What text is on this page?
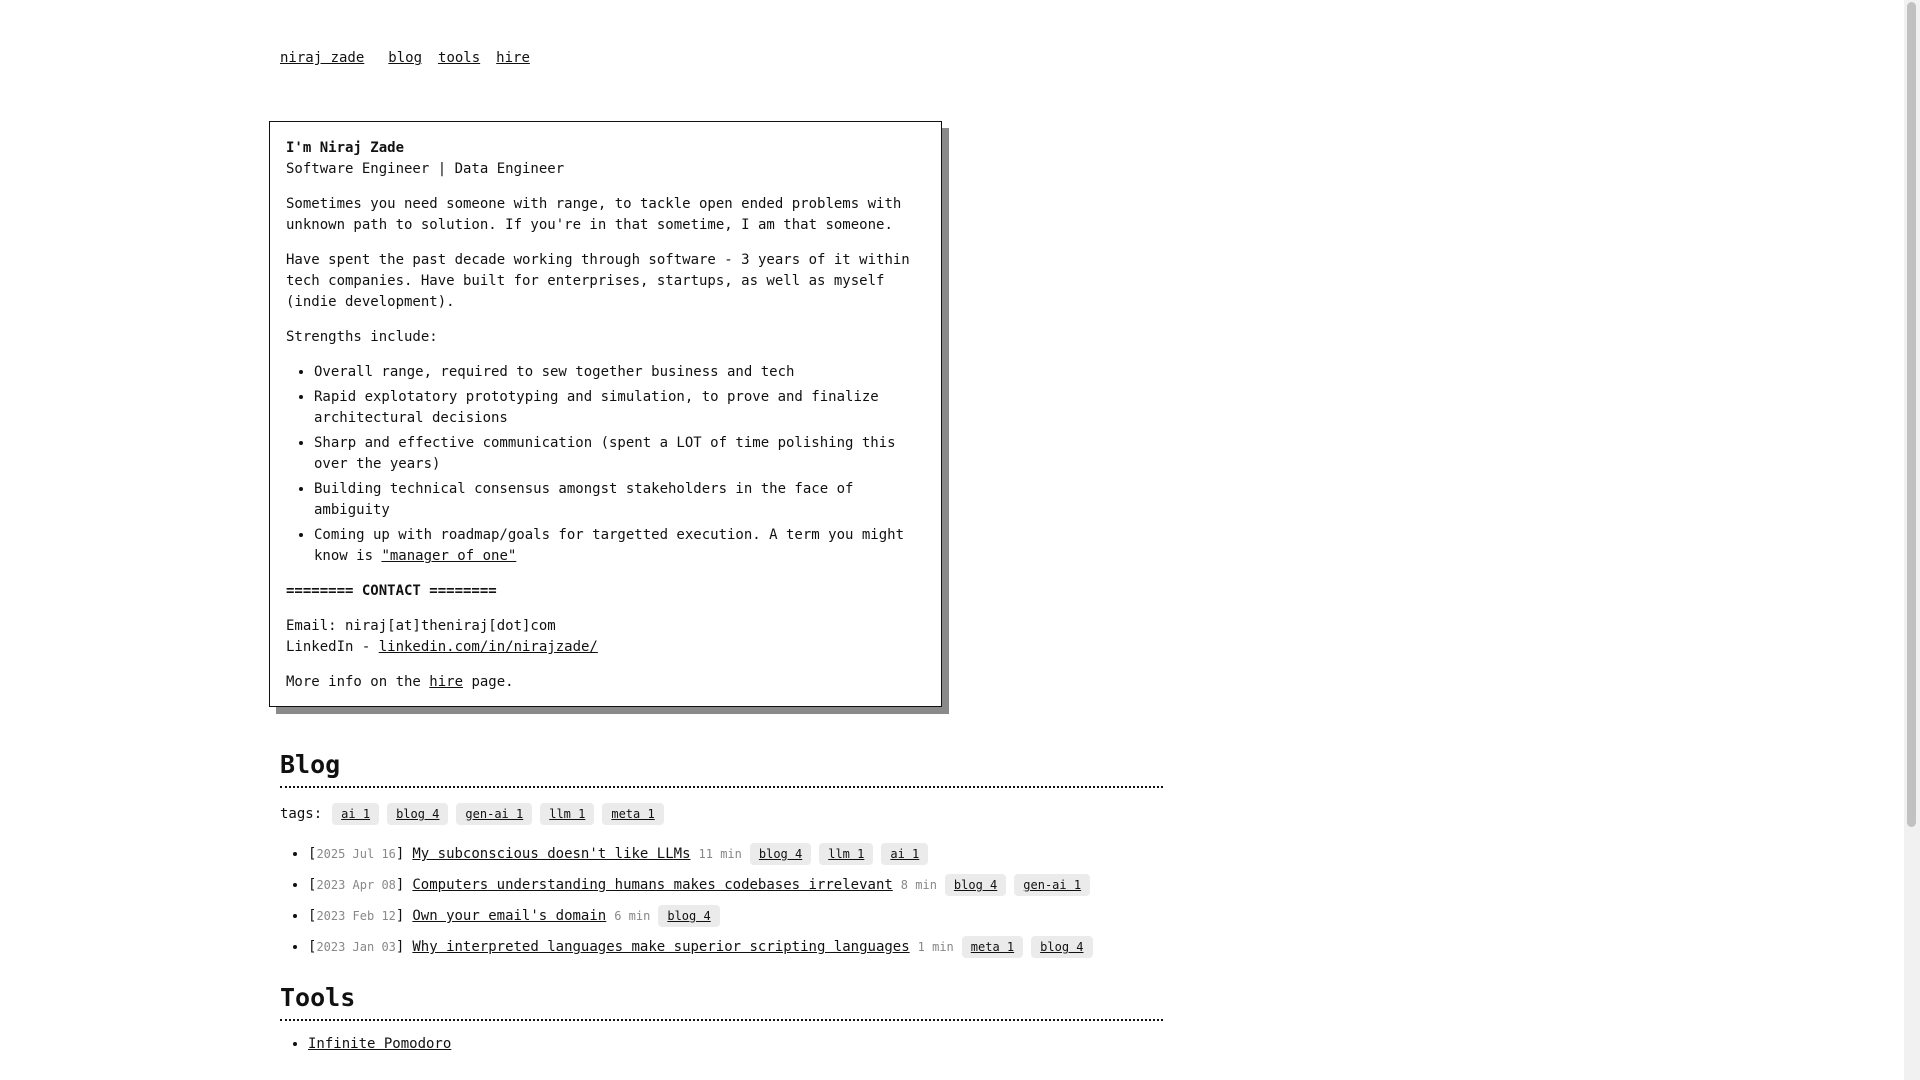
niraj zade blog tools hire

I'm Niraj Zade

Software Engineer | Data Engineer

Sometimes you need someone with range, to tackle open ended problems with unknown path to solution. If you're in that sometime, I am that someone.

Have spent the past decade working through software - 3 years of it within tech companies. Have built for enterprises, startups, as well as myself (indie development).

Strengths include:

• Overall range, required to sew together business and tech
• Rapid explotatory prototyping and simulation, to prove and finalize architectural decisions
• Sharp and effective communication (spent a LOT of time polishing this over the years)
• Building technical consensus amongst stakeholders in the face of ambiguity
• Coming up with roadmap/goals for targetted execution. A term you might know is "manager of one"

======== CONTACT ========

Email: niraj[at]theniraj[dot]com
LinkedIn - linkedin.com/in/nirajzade/

More info on the hire page.

Blog
tags:	ai 1	blog 4	gen-ai 1	llm 1	meta 1
• [2025 Jul 16] My subconscious doesn't like LLMs 11 min	blog 4	llm 1	ai 1
• [2023 Apr 08] Computers understanding humans makes codebases irrelevant 8 min	blog 4	gen-ai 1
• [2023 Feb 12] Own your email's domain 6 min	blog 4
• [2023 Jan 03] Why interpreted languages make superior scripting languages 1 min	meta 1	blog 4
Tools
• Infinite Pomodoro
